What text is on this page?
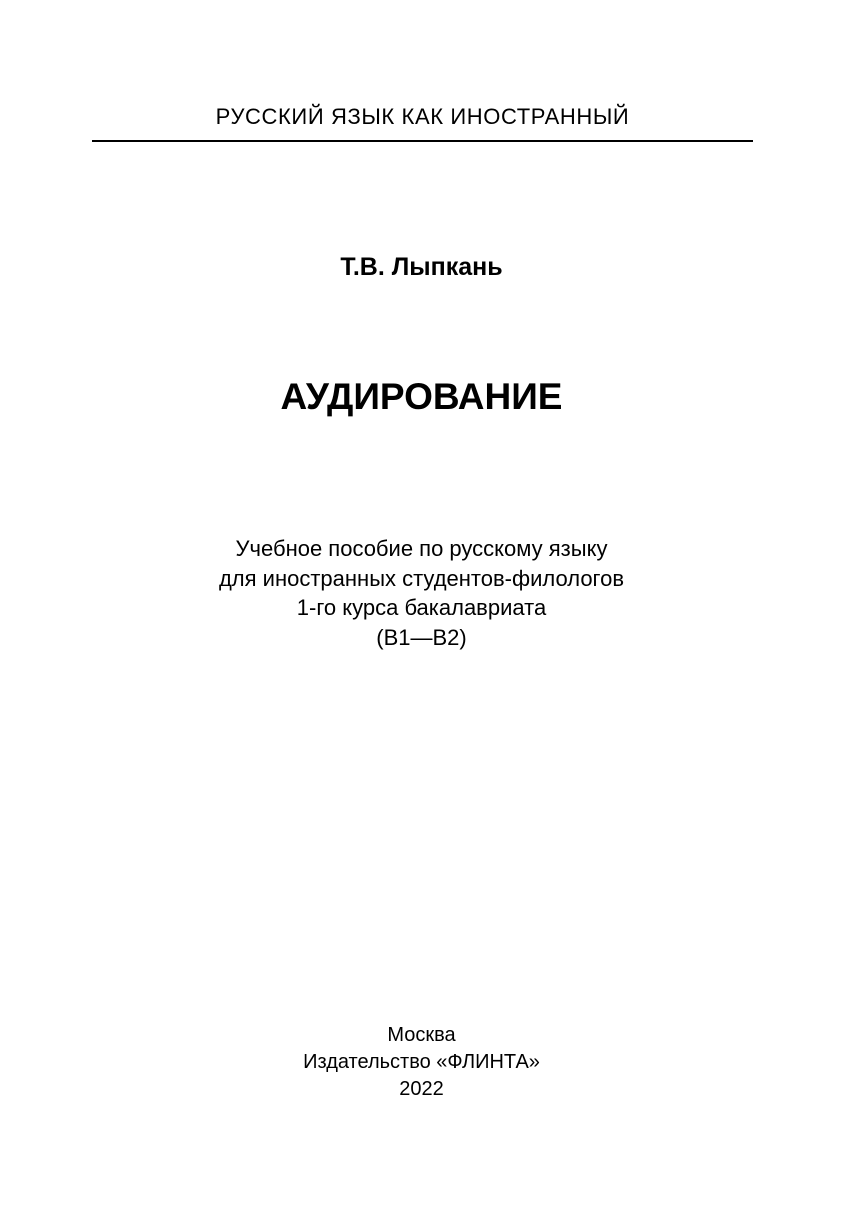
РУССКИЙ ЯЗЫК КАК ИНОСТРАННЫЙ
Т.В. Лыпкань
АУДИРОВАНИЕ
Учебное пособие по русскому языку
для иностранных студентов-филологов
1-го курса бакалавриата
(B1—B2)
Москва
Издательство «ФЛИНТА»
2022
